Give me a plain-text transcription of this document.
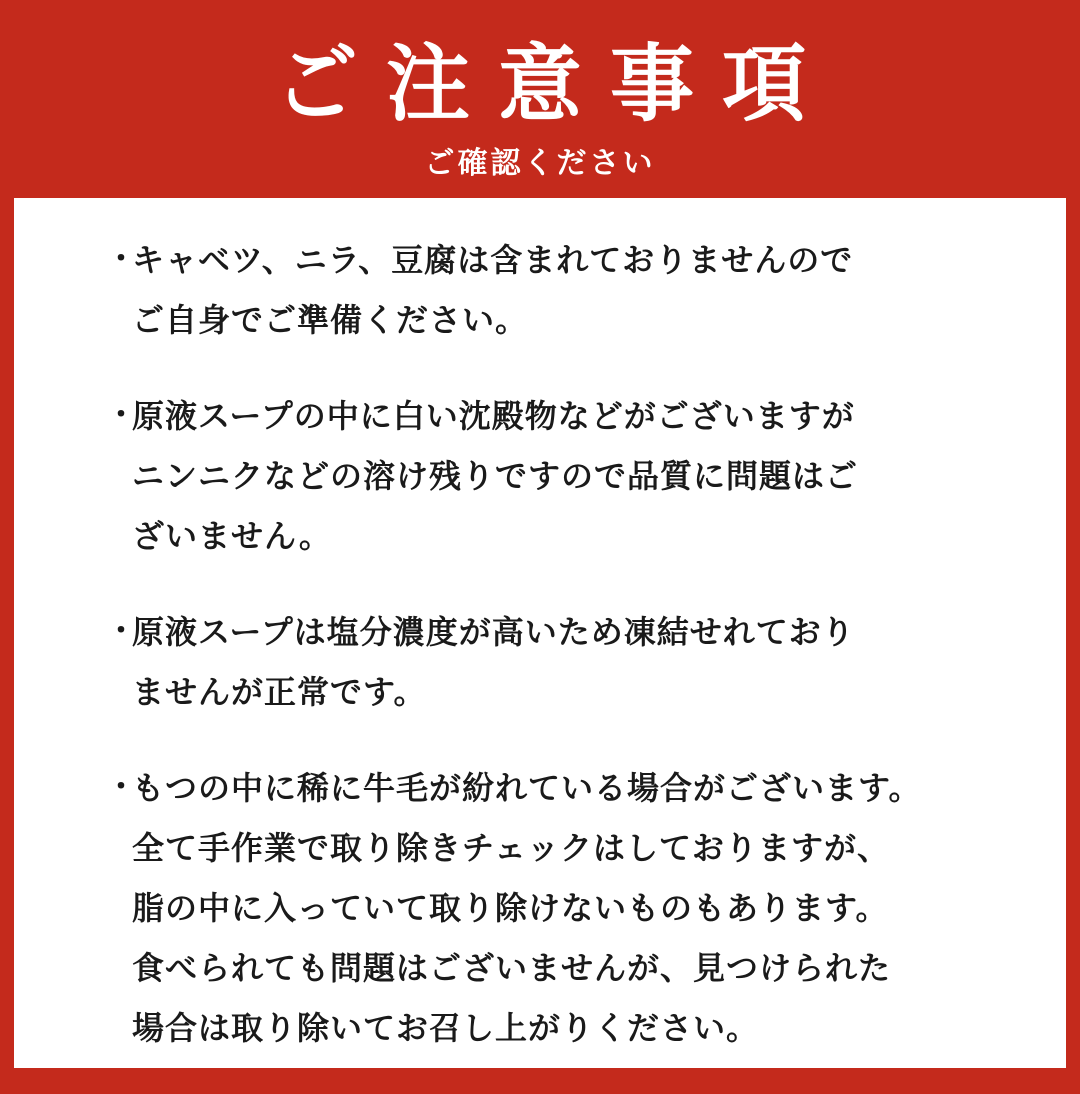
ご注意事項

ご確認ください

・
キャベツ、ニラ、豆腐は含まれておりませんので
ご自身でご準備ください。
・
原液スープの中に白い沈殿物などがございますが
ニンニクなどの溶け残りですので品質に問題はご
ざいません。
・
原液スープは塩分濃度が高いため凍結せれており
ませんが正常です。
・
もつの中に稀に牛毛が紛れている場合がございます。
全て手作業で取り除きチェックはしておりますが、
脂の中に入っていて取り除けないものもあります。
食べられても問題はございませんが、見つけられた
場合は取り除いてお召し上がりください。
